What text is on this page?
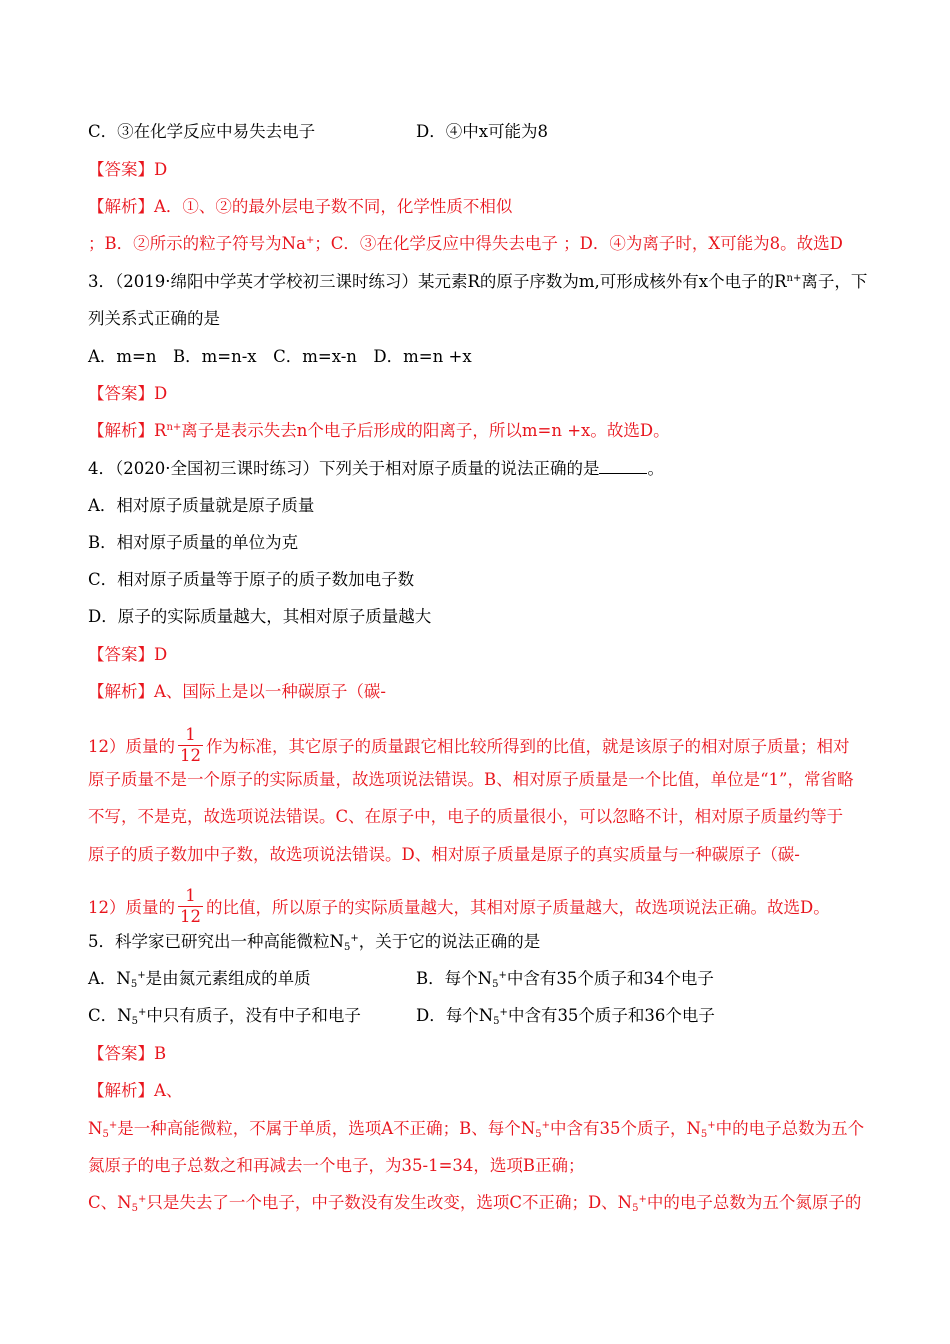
C．③在化学反应中易失去电子	D．④中x可能为8
【答案】D
【解析】A．①、②的最外层电子数不同，化学性质不相似
；B．②所示的粒子符号为Na+；C．③在化学反应中得失去电子 ；D．④为离子时，X可能为8。故选D
3．（2019·绵阳中学英才学校初三课时练习）某元素R的原子序数为m,可形成核外有x个电子的$R^{n+}$离子，下
列关系式正确的是
A．m=n　B．m=n-x　C．m=x-n　D．m=n +x
【答案】D
【解析】$R^{n+}$离子是表示失去n个电子后形成的阳离子，所以m=n +x。故选D。
4．（2020·全国初三课时练习）下列关于相对原子质量的说法正确的是	。
A．相对原子质量就是原子质量
B．相对原子质量的单位为克
C．相对原子质量等于原子的质子数加电子数
D．原子的实际质量越大，其相对原子质量越大
【答案】D
【解析】A、国际上是以一种碳原子（碳-
12）质量的 $\frac{1}{12}$ 作为标准，其它原子的质量跟它相比较所得到的比值，就是该原子的相对原子质量；相对
原子质量不是一个原子的实际质量，故选项说法错误。B、相对原子质量是一个比值，单位是“1”，常省略
不写，不是克，故选项说法错误。C、在原子中，电子的质量很小，可以忽略不计，相对原子质量约等于
原子的质子数加中子数，故选项说法错误。D、相对原子质量是原子的真实质量与一种碳原子（碳-
12）质量的 $\frac{1}{12}$ 的比值，所以原子的实际质量越大，其相对原子质量越大，故选项说法正确。故选D。
5．科学家已研究出一种高能微粒$N_5^+$，关于它的说法正确的是
A．$N_5^+$是由氮元素组成的单质	B．每个$N_5^+$中含有35个质子和34个电子
C．$N_5^+$中只有质子，没有中子和电子	D．每个$N_5^+$中含有35个质子和36个电子
【答案】B
【解析】A、
$N_5^+$是一种高能微粒，不属于单质，选项A不正确；B、每个$N_5^+$中含有35个质子，$N_5^+$中的电子总数为五个
氮原子的电子总数之和再减去一个电子，为35-1=34，选项B正确；
C、$N_5^+$只是失去了一个电子，中子数没有发生改变，选项C不正确；D、$N_5^+$中的电子总数为五个氮原子的
